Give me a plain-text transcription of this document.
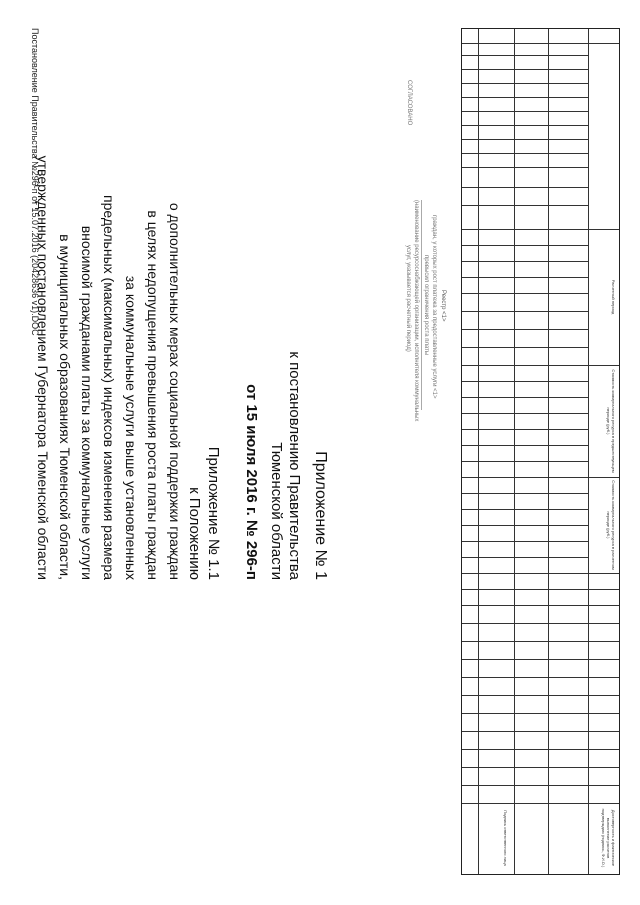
Приложение № 1
к постановлению Правительства
Тюменской области
от 15 июля 2016 г. № 296-п
Приложение № 1.1
к Положению
о дополнительных мерах социальной поддержки граждан
в целях недопущения превышения роста платы граждан
за коммунальные услуги выше установленных
предельных (максимальных) индексов изменения размера
вносимой гражданами платы за коммунальные услуги
в муниципальных образованиях Тюменской области,
утвержденных постановлением Губернатора Тюменской области
СОГЛАСОВАНО
Реестр <1>
граждан, у которых рост платежа за предоставленные услуги <1>
превысил ограничения роста платы
(наименование ресурсоснабжающей организации, исполнителя коммунальных
услуг, указывается расчетный период)
Постановление Правительства №296-п от 15.07.2016 (20428636 v1).DOC	Расчетный период
Стоимость коммунального ресурса в предшествующем периоде (руб.)
Стоимость коммунального ресурса в расчетном периоде (руб.)
Достоверность и фактическое выполнение расчетов подтверждаю (подпись, Ф.И.О.)
Подпись ответственного лица
